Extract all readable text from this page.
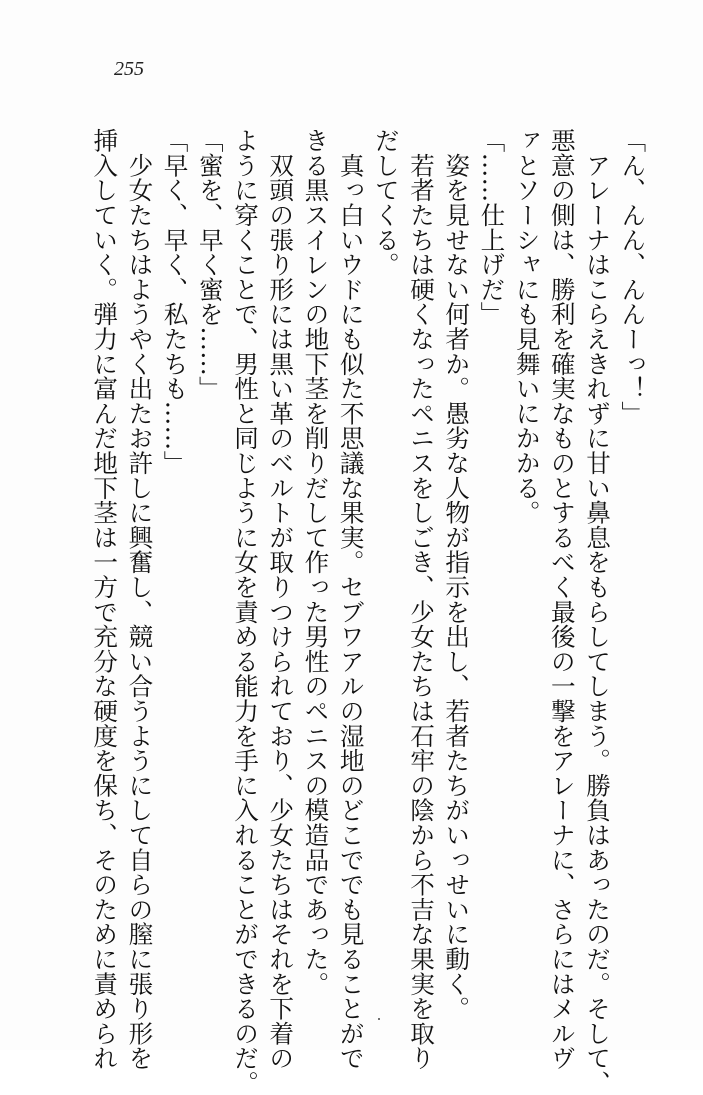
255
「ん、んん、んんーっ！」
　アレーナはこらえきれずに甘い鼻息をもらしてしまう。勝負はあったのだ。そして、
悪意の側は、勝利を確実なものとするべく最後の一撃をアレーナに、さらにはメルヴ
ァとソーシャにも見舞いにかかる。
「……仕上げだ」
　姿を見せない何者か。愚劣な人物が指示を出し、若者たちがいっせいに動く。
　若者たちは硬くなったペニスをしごき、少女たちは石牢の陰から不吉な果実を取り
だしてくる。
　真っ白いウドにも似た不思議な果実。セブワアルの湿地のどこででも見ることがで
きる黒スイレンの地下茎を削りだして作った男性のペニスの模造品であった。
　双頭の張り形には黒い革のベルトが取りつけられており、少女たちはそれを下着の
ように穿くことで、男性と同じように女を責める能力を手に入れることができるのだ。
「蜜を、早く蜜を……」
「早く、早く、私たちも……」
　少女たちはようやく出たお許しに興奮し、競い合うようにして自らの膣に張り形を
挿入していく。弾力に富んだ地下茎は一方で充分な硬度を保ち、そのために責められ
